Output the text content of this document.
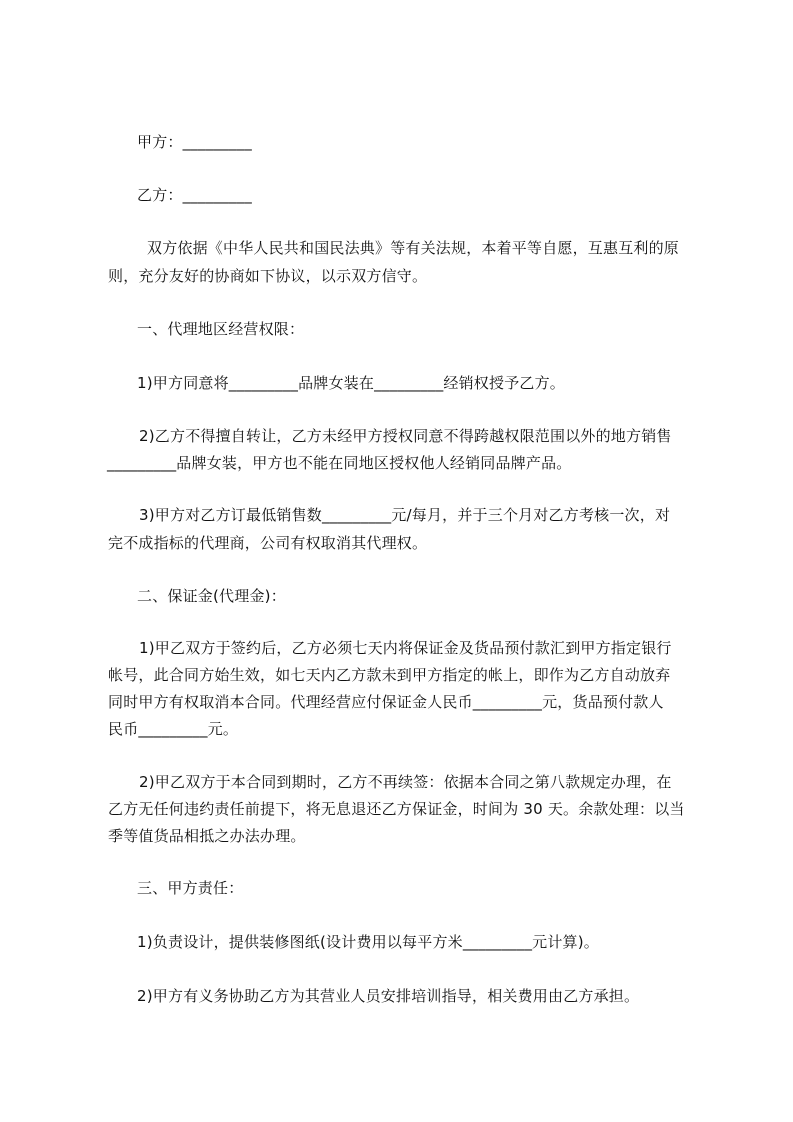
甲方：_________
乙方：_________
双方依据《中华人民共和国民法典》等有关法规，本着平等自愿，互惠互利的原
则，充分友好的协商如下协议，以示双方信守。
一、代理地区经营权限：
1)甲方同意将_________品牌女装在_________经销权授予乙方。
2)乙方不得擅自转让，乙方未经甲方授权同意不得跨越权限范围以外的地方销售
_________品牌女装，甲方也不能在同地区授权他人经销同品牌产品。
3)甲方对乙方订最低销售数_________元/每月，并于三个月对乙方考核一次，对
完不成指标的代理商，公司有权取消其代理权。
二、保证金(代理金)：
1)甲乙双方于签约后，乙方必须七天内将保证金及货品预付款汇到甲方指定银行
帐号，此合同方始生效，如七天内乙方款未到甲方指定的帐上，即作为乙方自动放弃
同时甲方有权取消本合同。代理经营应付保证金人民币_________元，货品预付款人
民币_________元。
2)甲乙双方于本合同到期时，乙方不再续签：依据本合同之第八款规定办理，在
乙方无任何违约责任前提下，将无息退还乙方保证金，时间为 30 天。余款处理：以当
季等值货品相抵之办法办理。
三、甲方责任：
1)负责设计，提供装修图纸(设计费用以每平方米_________元计算)。
2)甲方有义务协助乙方为其营业人员安排培训指导，相关费用由乙方承担。
